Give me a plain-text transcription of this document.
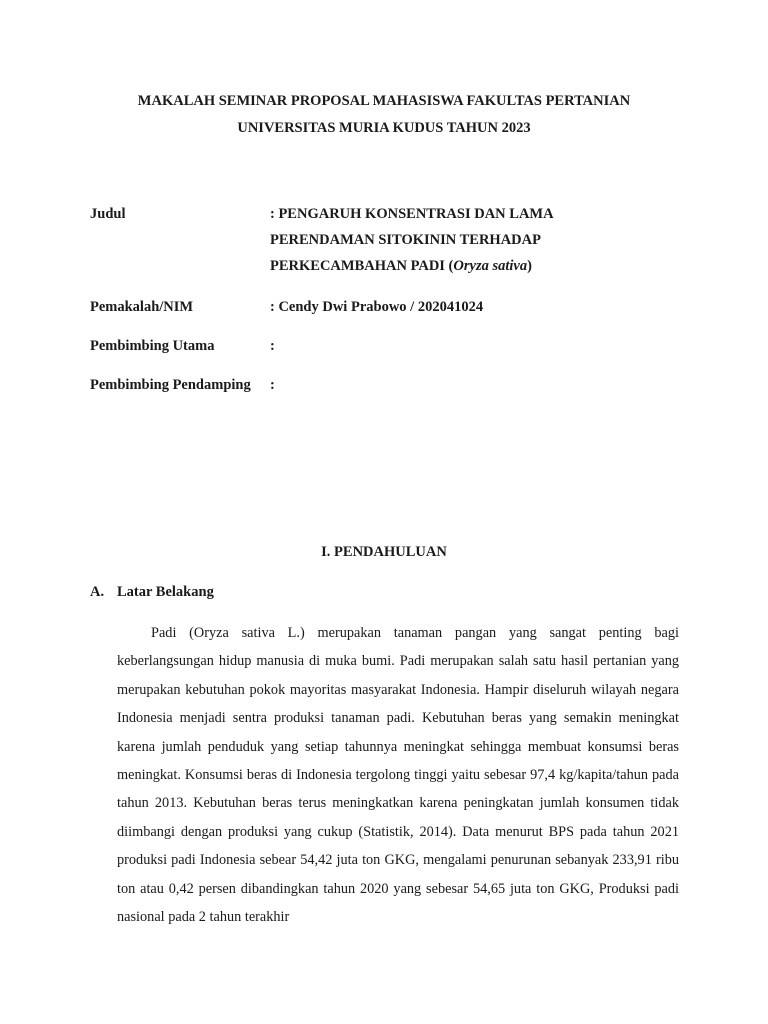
MAKALAH SEMINAR PROPOSAL MAHASISWA FAKULTAS PERTANIAN
UNIVERSITAS MURIA KUDUS TAHUN 2023
Judul	: PENGARUH KONSENTRASI DAN LAMA
PERENDAMAN SITOKININ TERHADAP
PERKECAMBAHAN PADI (Oryza sativa)
Pemakalah/NIM	: Cendy Dwi Prabowo / 202041024
Pembimbing Utama	:
Pembimbing Pendamping :
I. PENDAHULUAN
A. Latar Belakang

Padi (Oryza sativa L.) merupakan tanaman pangan yang sangat penting bagi keberlangsungan hidup manusia di muka bumi. Padi merupakan salah satu hasil pertanian yang merupakan kebutuhan pokok mayoritas masyarakat Indonesia. Hampir diseluruh wilayah negara Indonesia menjadi sentra produksi tanaman padi. Kebutuhan beras yang semakin meningkat karena jumlah penduduk yang setiap tahunnya meningkat sehingga membuat konsumsi beras meningkat. Konsumsi beras di Indonesia tergolong tinggi yaitu sebesar 97,4 kg/kapita/tahun pada tahun 2013. Kebutuhan beras terus meningkatkan karena peningkatan jumlah konsumen tidak diimbangi dengan produksi yang cukup (Statistik, 2014). Data menurut BPS pada tahun 2021 produksi padi Indonesia sebear 54,42 juta ton GKG, mengalami penurunan sebanyak 233,91 ribu ton atau 0,42 persen dibandingkan tahun 2020 yang sebesar 54,65 juta ton GKG, Produksi padi nasional pada 2 tahun terakhir
